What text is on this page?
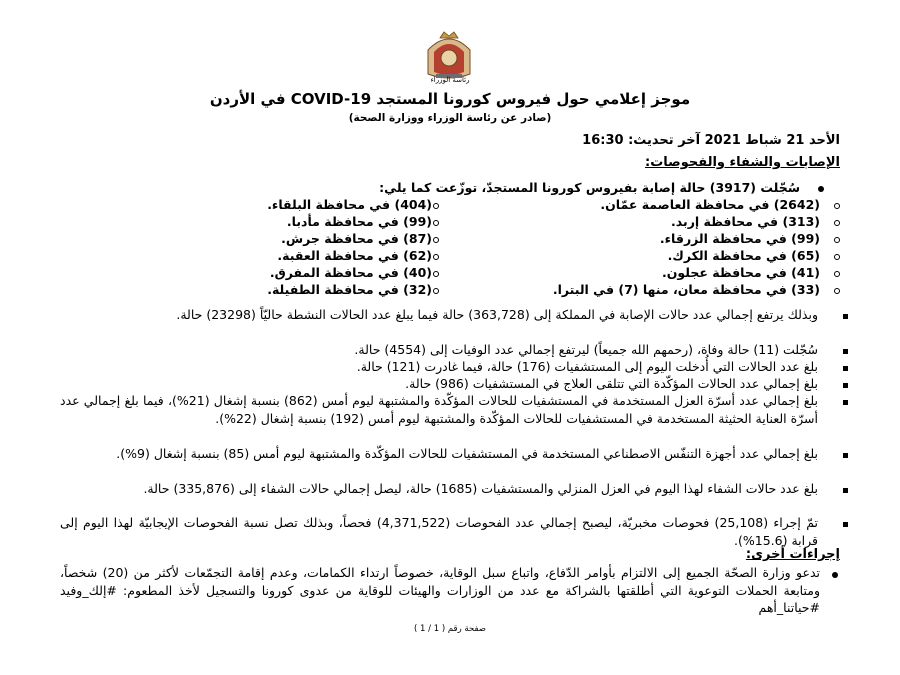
رئاسة الوزراء
موجز إعلامي حول فيروس كورونا المستجد COVID-19 في الأردن
(صادر عن رئاسة الوزراء ووزارة الصحة)
الأحد 21 شباط 2021 آخر تحديث: 16:30
الإصابات والشفاء والفحوصات:
سُجّلت (3917) حالة إصابة بفيروس كورونا المستجدّ، توزّعت كما يلي:
(2642) في محافظة العاصمة عمّان.
(313) في محافظة إربد.
(99) في محافظة الزرقاء.
(65) في محافظة الكرك.
(41) في محافظة عجلون.
(33) في محافظة معان، منها (7) في البترا.
(404) في محافظة البلقاء.
(99) في محافظة مأدبا.
(87) في محافظة جرش.
(62) في محافظة العقبة.
(40) في محافظة المفرق.
(32) في محافظة الطفيلة.
وبذلك يرتفع إجمالي عدد حالات الإصابة في المملكة إلى (363,728) حالة فيما يبلغ عدد الحالات النشطة حاليّاً (23298) حالة.
سُجّلت (11) حالة وفاة، (رحمهم الله جميعاً) ليرتفع إجمالي عدد الوفيات إلى (4554) حالة.
بلغ عدد الحالات التي أُدخلت اليوم إلى المستشفيات (176) حالة، فيما غادرت (121) حالة.
بلغ إجمالي عدد الحالات المؤكّدة التي تتلقى العلاج في المستشفيات (986) حالة.
بلغ إجمالي عدد أسرّة العزل المستخدمة في المستشفيات للحالات المؤكّدة والمشتبهة ليوم أمس (862) بنسبة إشغال (21%)، فيما بلغ إجمالي عدد أسرّة العناية الحثيثة المستخدمة في المستشفيات للحالات المؤكّدة والمشتبهة ليوم أمس (192) بنسبة إشغال (22%).
بلغ إجمالي عدد أجهزة التنفّس الاصطناعي المستخدمة في المستشفيات للحالات المؤكّدة والمشتبهة ليوم أمس (85) بنسبة إشغال (9%).
بلغ عدد حالات الشفاء لهذا اليوم في العزل المنزلي والمستشفيات (1685) حالة، ليصل إجمالي حالات الشفاء إلى (335,876) حالة.
تمّ إجراء (25,108) فحوصات مخبريّة، ليصبح إجمالي عدد الفحوصات (4,371,522) فحصاً، وبذلك تصل نسبة الفحوصات الإيجابيّة لهذا اليوم إلى قرابة (15.6%).
إجراءات أخرى:
تدعو وزارة الصحّة الجميع إلى الالتزام بأوامر الدّفاع، واتباع سبل الوقاية، خصوصاً ارتداء الكمامات، وعدم إقامة التجمّعات لأكثر من (20) شخصاً، ومتابعة الحملات التوعوية التي أطلقتها بالشراكة مع عدد من الوزارات والهيئات للوقاية من عدوى كورونا والتسجيل لأخذ المطعوم: #إلك_وفيد #حياتنا_أهم
صفحة رقم ( 1 / 1 )
